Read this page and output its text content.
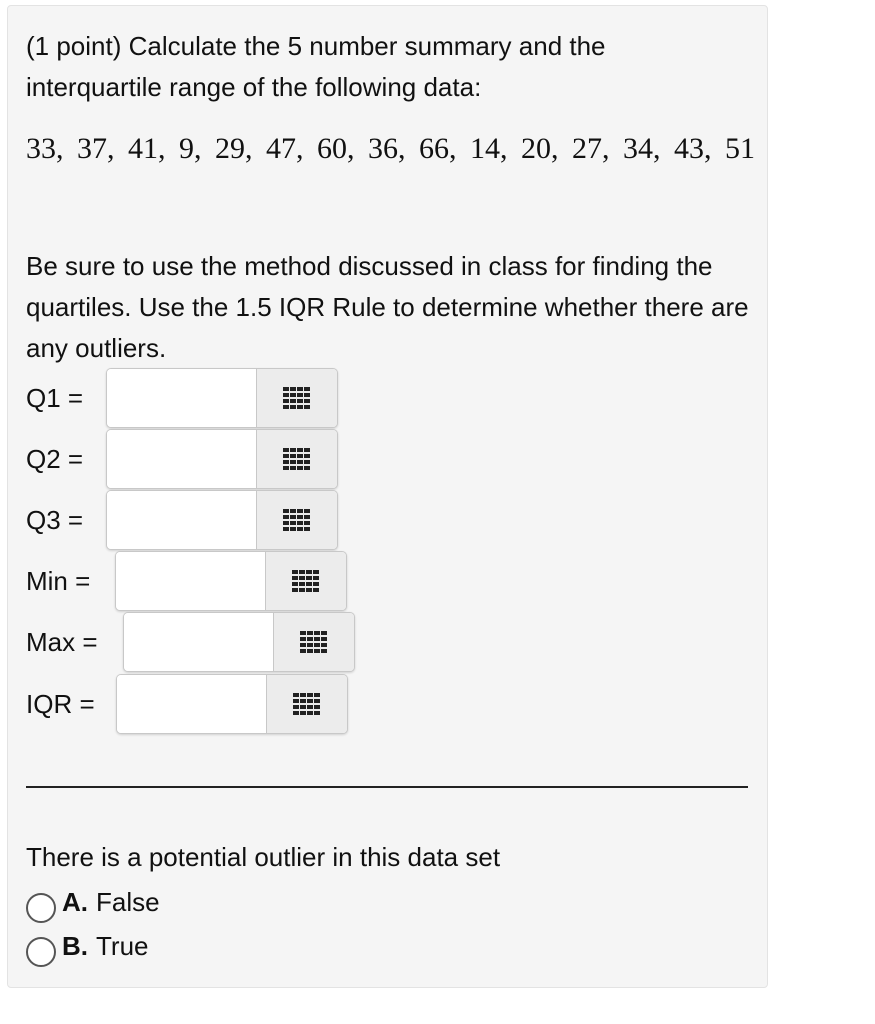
(1 point) Calculate the 5 number summary and the interquartile range of the following data:
33, 37, 41, 9, 29, 47, 60, 36, 66, 14, 20, 27, 34, 43, 51
Be sure to use the method discussed in class for finding the quartiles. Use the 1.5 IQR Rule to determine whether there are any outliers.
Q1 =
Q2 =
Q3 =
Min =
Max =
IQR =
There is a potential outlier in this data set
A. False
B. True
